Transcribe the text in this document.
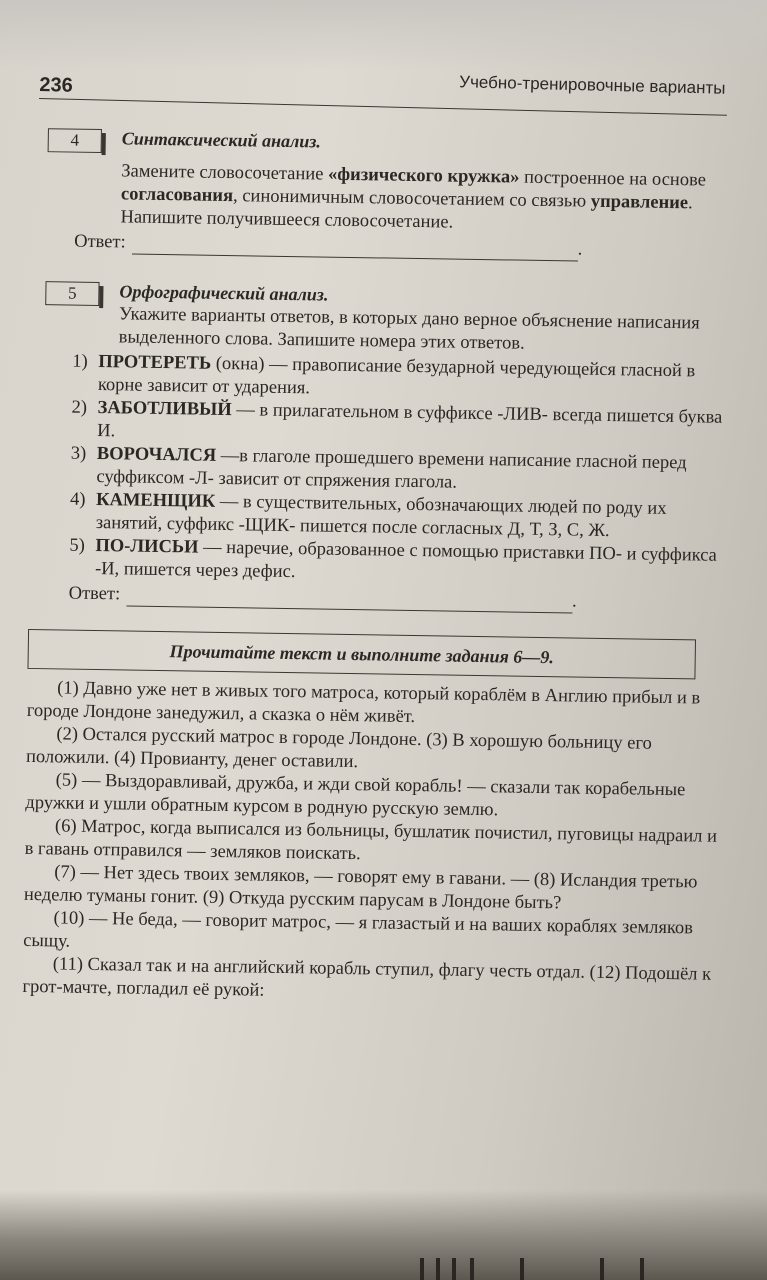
236	Учебно-тренировочные варианты
4	Синтаксический анализ.
Замените словосочетание «физического кружка» построенное на основе согласования, синонимичным словосочетанием со связью управление. Напишите получившееся словосочетание.
Ответ:	.
5	Орфографический анализ.
Укажите варианты ответов, в которых дано верное объяснение написания выделенного слова. Запишите номера этих ответов.
1) ПРОТЕРЕТЬ (окна) — правописание безударной чередующейся гласной в корне зависит от ударения.
2) ЗАБОТЛИВЫЙ — в прилагательном в суффиксе -ЛИВ- всегда пишется буква И.
3) ВОРОЧАЛСЯ —в глаголе прошедшего времени написание гласной перед суффиксом -Л- зависит от спряжения глагола.
4) КАМЕНЩИК — в существительных, обозначающих людей по роду их занятий, суффикс -ЩИК- пишется после согласных Д, Т, З, С, Ж.
5) ПО-ЛИСЬИ — наречие, образованное с помощью приставки ПО- и суффикса -И, пишется через дефис.
Ответ:	.
Прочитайте текст и выполните задания 6—9.

(1) Давно уже нет в живых того матроса, который кораблём в Англию прибыл и в городе Лондоне занедужил, а сказка о нём живёт.

(2) Остался русский матрос в городе Лондоне. (3) В хорошую больницу его положили. (4) Провианту, денег оставили.

(5) — Выздоравливай, дружба, и жди свой корабль! — сказали так корабельные дружки и ушли обратным курсом в родную русскую землю.

(6) Матрос, когда выписался из больницы, бушлатик почистил, пуговицы надраил и в гавань отправился — земляков поискать.

(7) — Нет здесь твоих земляков, — говорят ему в гавани. — (8) Исландия третью неделю туманы гонит. (9) Откуда русским парусам в Лондоне быть?

(10) — Не беда, — говорит матрос, — я глазастый и на ваших кораблях земляков сыщу.

(11) Сказал так и на английский корабль ступил, флагу честь отдал. (12) Подошёл к грот-мачте, погладил её рукой:
